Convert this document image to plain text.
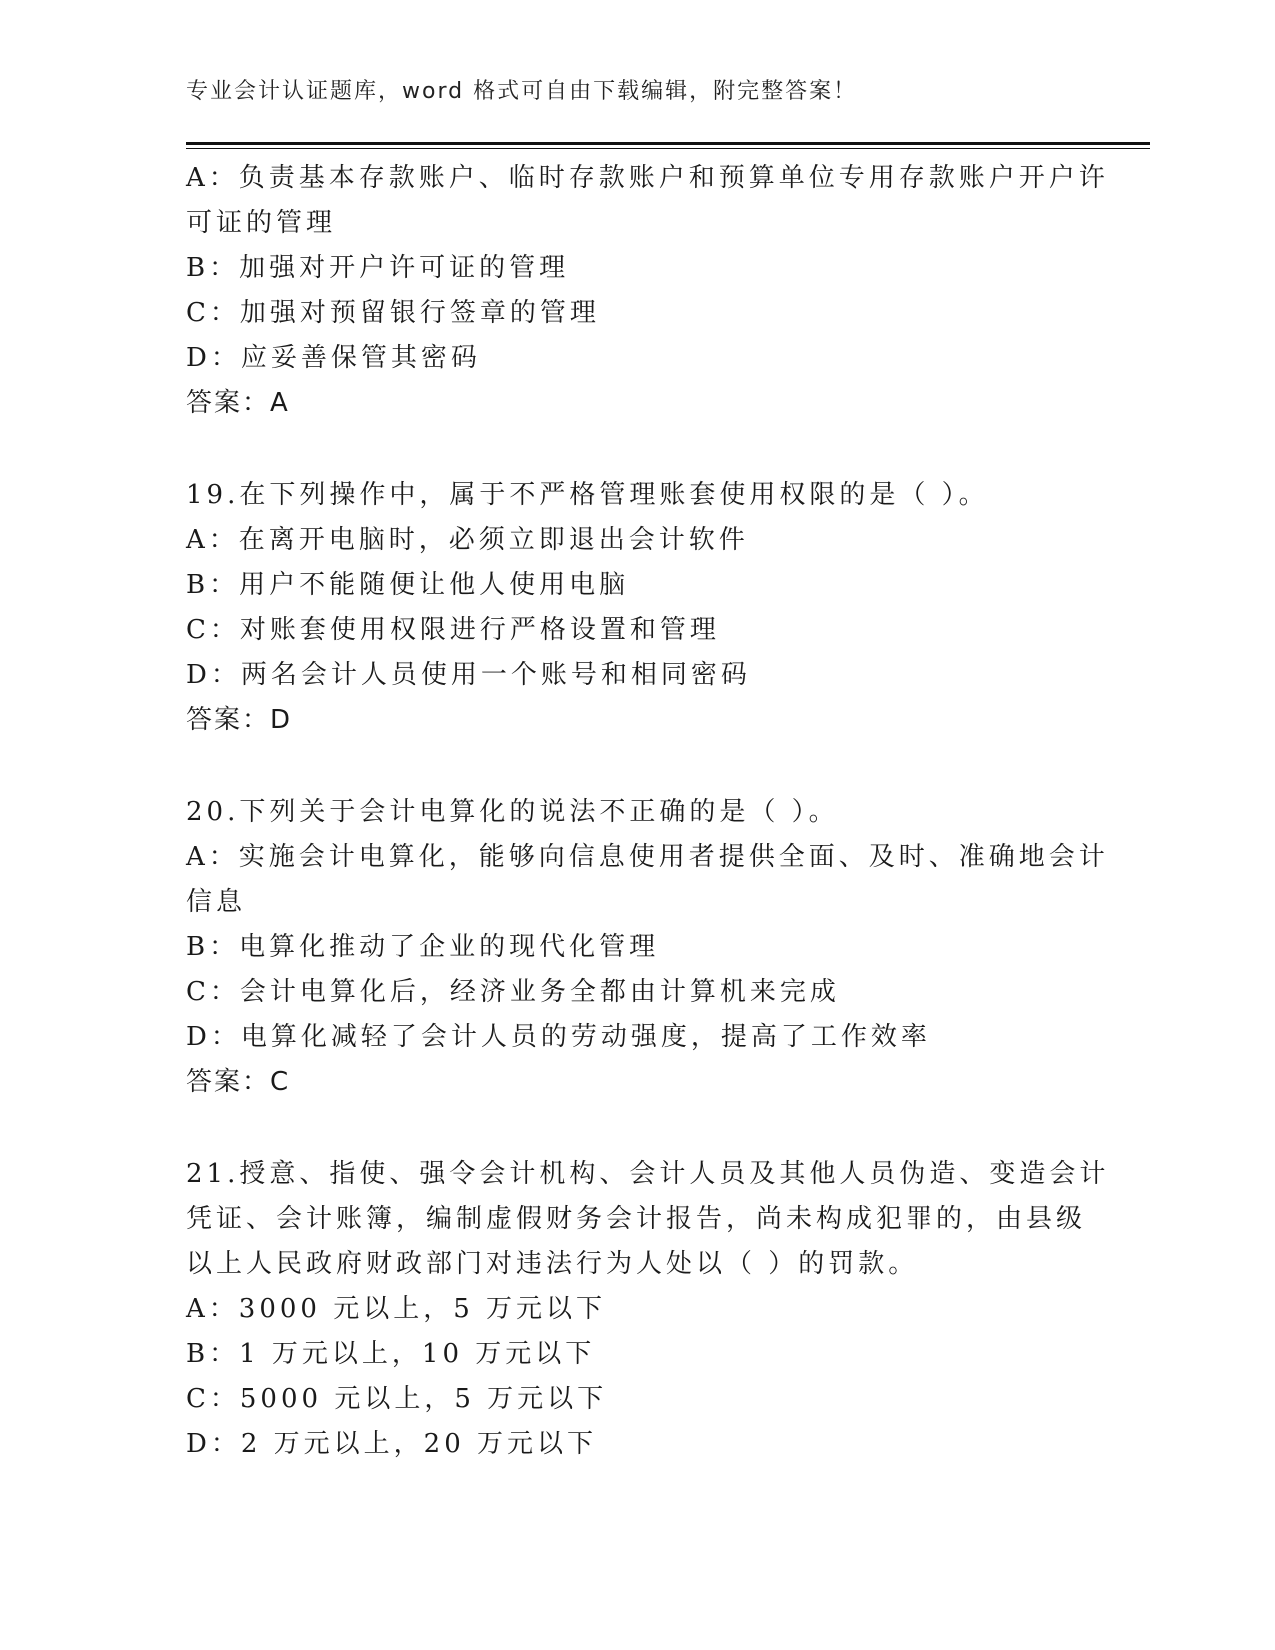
专业会计认证题库，word 格式可自由下载编辑，附完整答案！
A：负责基本存款账户、临时存款账户和预算单位专用存款账户开户许
可证的管理
B：加强对开户许可证的管理
C：加强对预留银行签章的管理
D：应妥善保管其密码
答案：A
19.在下列操作中，属于不严格管理账套使用权限的是（ ）。
A：在离开电脑时，必须立即退出会计软件
B：用户不能随便让他人使用电脑
C：对账套使用权限进行严格设置和管理
D：两名会计人员使用一个账号和相同密码
答案：D
20.下列关于会计电算化的说法不正确的是（ ）。
A：实施会计电算化，能够向信息使用者提供全面、及时、准确地会计
信息
B：电算化推动了企业的现代化管理
C：会计电算化后，经济业务全都由计算机来完成
D：电算化减轻了会计人员的劳动强度，提高了工作效率
答案：C
21.授意、指使、强令会计机构、会计人员及其他人员伪造、变造会计
凭证、会计账簿，编制虚假财务会计报告，尚未构成犯罪的，由县级
以上人民政府财政部门对违法行为人处以（ ）的罚款。
A：3000 元以上，5 万元以下
B：1 万元以上，10 万元以下
C：5000 元以上，5 万元以下
D：2 万元以上，20 万元以下
